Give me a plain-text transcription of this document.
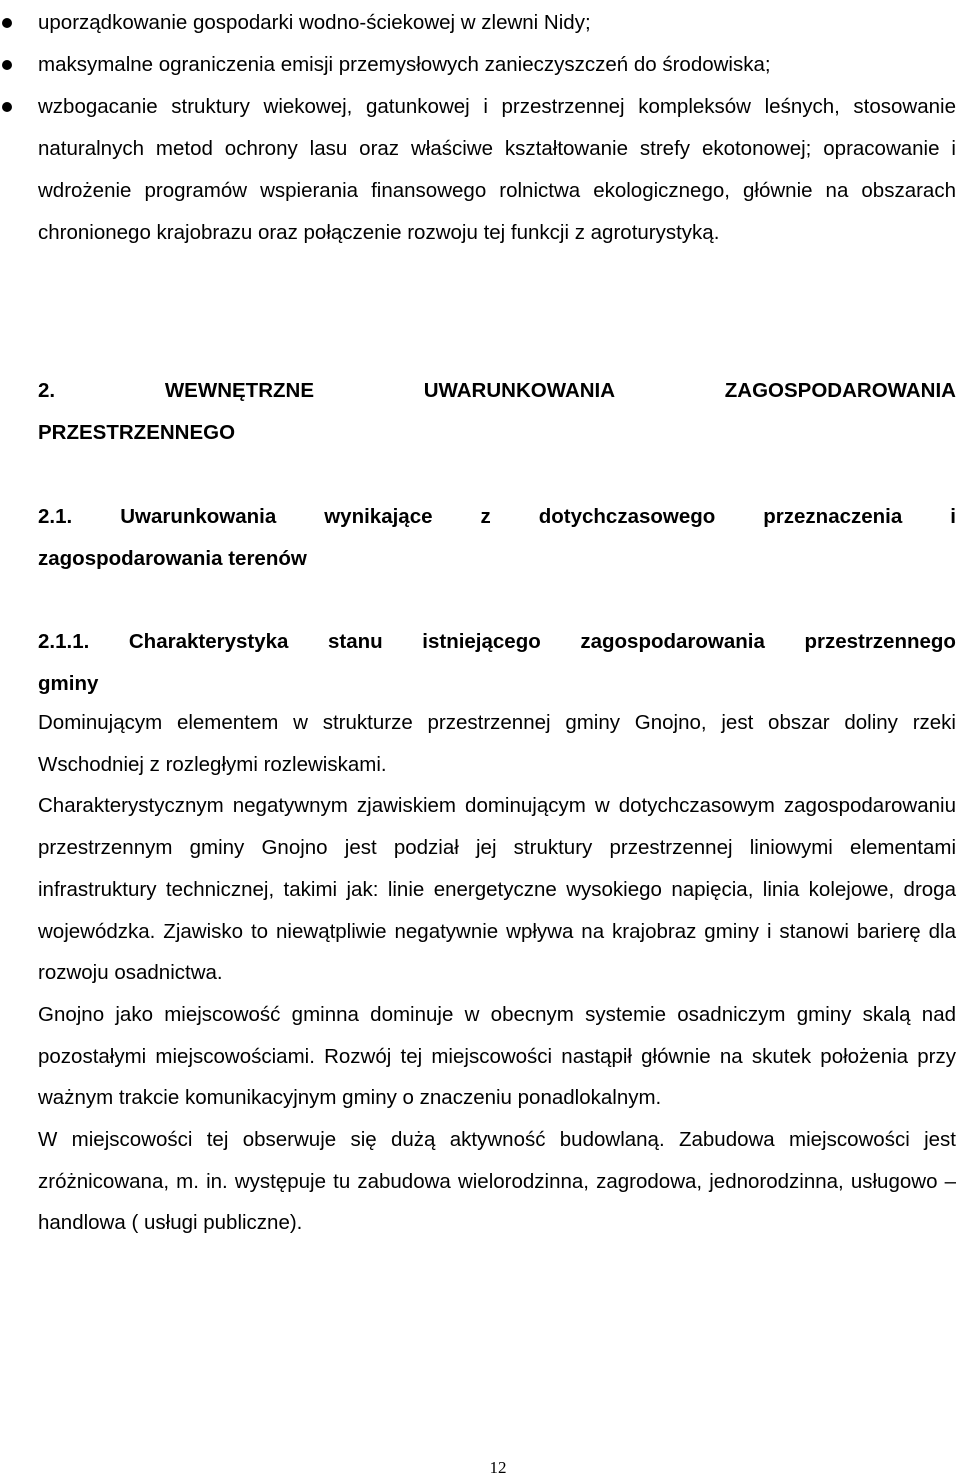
uporządkowanie gospodarki wodno-ściekowej w zlewni Nidy;
maksymalne ograniczenia emisji przemysłowych zanieczyszczeń do środowiska;
wzbogacanie struktury wiekowej, gatunkowej i przestrzennej kompleksów leśnych, stosowanie naturalnych metod ochrony lasu oraz właściwe kształtowanie strefy ekotonowej; opracowanie i wdrożenie programów wspierania finansowego rolnictwa ekologicznego, głównie na obszarach chronionego krajobrazu oraz połączenie rozwoju tej funkcji z agroturystyką.
2.	WEWNĘTRZNE	UWARUNKOWANIA	ZAGOSPODAROWANIA
PRZESTRZENNEGO
2.1. Uwarunkowania wynikające z dotychczasowego przeznaczenia i
zagospodarowania terenów
2.1.1. Charakterystyka stanu istniejącego zagospodarowania przestrzennego
gminy

Dominującym elementem w strukturze przestrzennej gminy Gnojno, jest obszar doliny rzeki Wschodniej z rozległymi rozlewiskami.

Charakterystycznym negatywnym zjawiskiem dominującym w dotychczasowym zagospodarowaniu przestrzennym gminy Gnojno jest podział jej struktury przestrzennej liniowymi elementami infrastruktury technicznej, takimi jak: linie energetyczne wysokiego napięcia, linia kolejowe, droga wojewódzka. Zjawisko to niewątpliwie negatywnie wpływa na krajobraz gminy i stanowi barierę dla rozwoju osadnictwa.

Gnojno jako miejscowość gminna dominuje w obecnym systemie osadniczym gminy skalą nad pozostałymi miejscowościami. Rozwój tej miejscowości nastąpił głównie na skutek położenia przy ważnym trakcie komunikacyjnym gminy o znaczeniu ponadlokalnym.

W miejscowości tej obserwuje się dużą aktywność budowlaną. Zabudowa miejscowości jest zróżnicowana, m. in. występuje tu zabudowa wielorodzinna, zagrodowa, jednorodzinna, usługowo – handlowa ( usługi publiczne).

12
